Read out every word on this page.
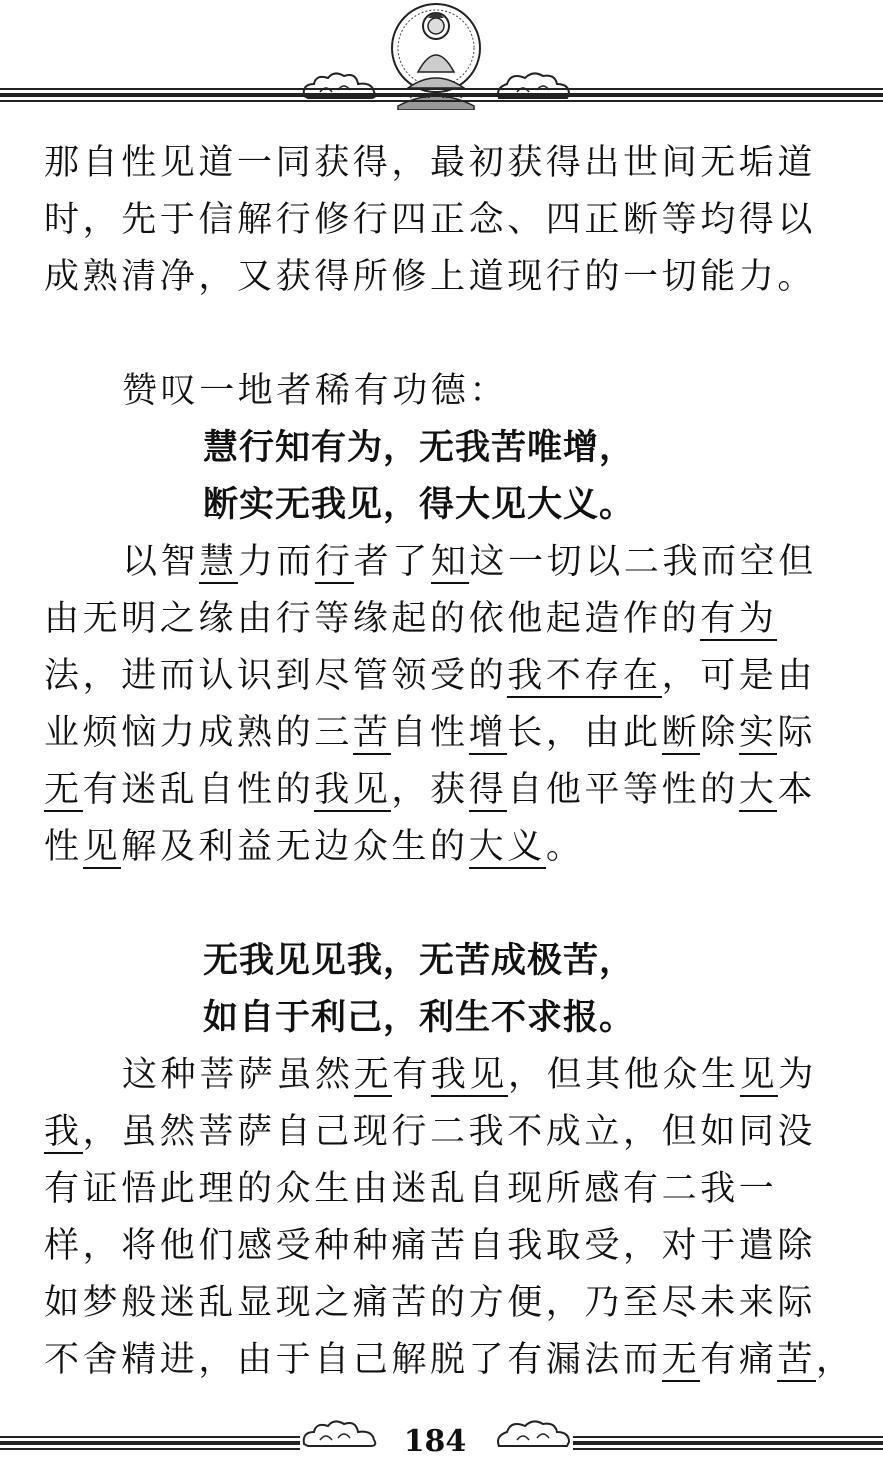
那自性见道一同获得，最初获得出世间无垢道
时，先于信解行修行四正念、四正断等均得以
成熟清净，又获得所修上道现行的一切能力。
赞叹一地者稀有功德：
慧行知有为，无我苦唯增，
断实无我见，得大见大义。
以智慧力而行者了知这一切以二我而空但
由无明之缘由行等缘起的依他起造作的有为
法，进而认识到尽管领受的我不存在，可是由
业烦恼力成熟的三苦自性增长，由此断除实际
无有迷乱自性的我见，获得自他平等性的大本
性见解及利益无边众生的大义。
无我见见我，无苦成极苦，
如自于利己，利生不求报。
这种菩萨虽然无有我见，但其他众生见为
我，虽然菩萨自己现行二我不成立，但如同没
有证悟此理的众生由迷乱自现所感有二我一
样，将他们感受种种痛苦自我取受，对于遣除
如梦般迷乱显现之痛苦的方便，乃至尽未来际
不舍精进，由于自己解脱了有漏法而无有痛苦，
184
